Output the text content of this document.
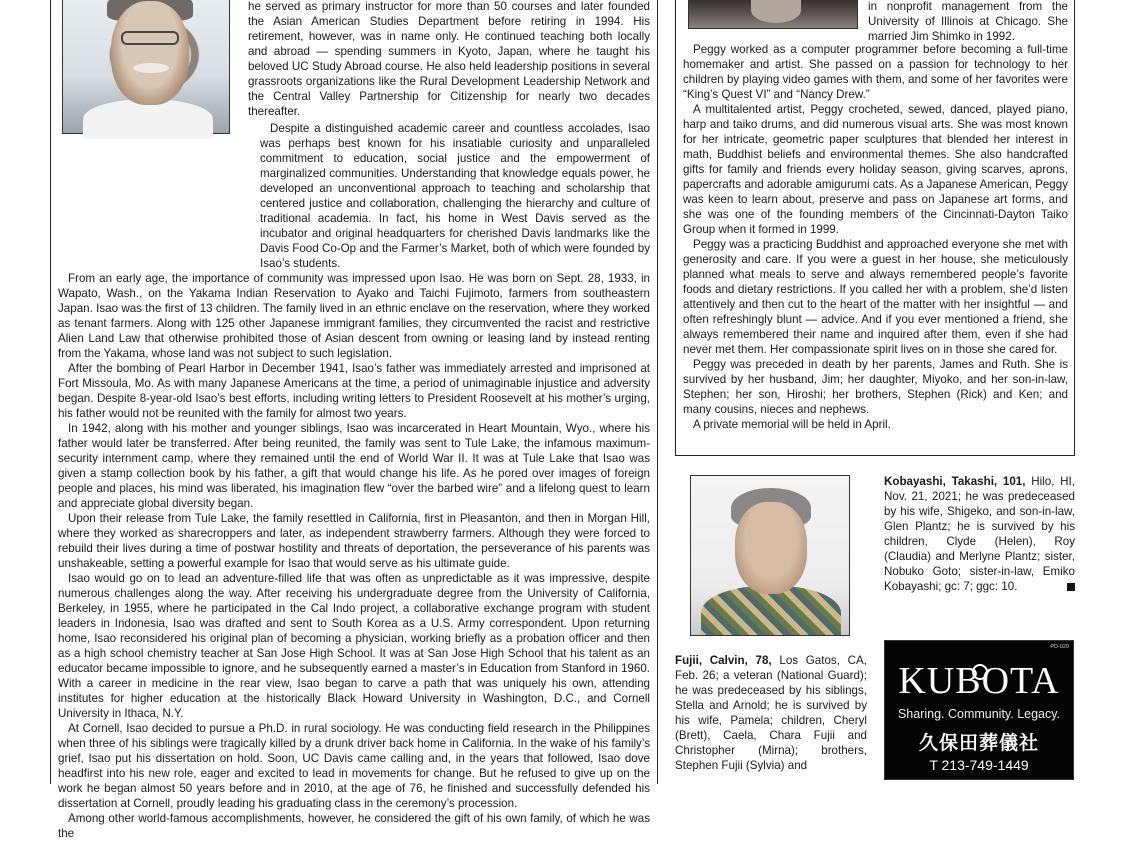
he served as primary instructor for more than 50 courses and later founded the Asian American Studies Department before retiring in 1994. His retirement, however, was in name only. He continued teaching both locally and abroad — spending summers in Kyoto, Japan, where he taught his beloved UC Study Abroad course. He also held leadership positions in several grassroots organizations like the Rural Development Leadership Network and the Central Valley Partnership for Citizenship for nearly two decades thereafter.

Despite a distinguished academic career and countless accolades, Isao was perhaps best known for his insatiable curiosity and unparalleled commitment to education, social justice and the empowerment of marginalized communities. Understanding that knowledge equals power, he developed an unconventional approach to teaching and scholarship that centered justice and collaboration, challenging the hierarchy and culture of traditional academia. In fact, his home in West Davis served as the incubator and original headquarters for cherished Davis landmarks like the Davis Food Co-Op and the Farmer’s Market, both of which were founded by Isao’s students.

From an early age, the importance of community was impressed upon Isao. He was born on Sept. 28, 1933, in Wapato, Wash., on the Yakama Indian Reservation to Ayako and Taichi Fujimoto, farmers from southeastern Japan. Isao was the first of 13 children. The family lived in an ethnic enclave on the reservation, where they worked as tenant farmers. Along with 125 other Japanese immigrant families, they circumvented the racist and restrictive Alien Land Law that otherwise prohibited those of Asian descent from owning or leasing land by instead renting from the Yakama, whose land was not subject to such legislation.

After the bombing of Pearl Harbor in December 1941, Isao’s father was immediately arrested and imprisoned at Fort Missoula, Mo. As with many Japanese Americans at the time, a period of unimaginable injustice and adversity began. Despite 8-year-old Isao’s best efforts, including writing letters to President Roosevelt at his mother’s urging, his father would not be reunited with the family for almost two years.

In 1942, along with his mother and younger siblings, Isao was incarcerated in Heart Mountain, Wyo., where his father would later be transferred. After being reunited, the family was sent to Tule Lake, the infamous maximum-security internment camp, where they remained until the end of World War II. It was at Tule Lake that Isao was given a stamp collection book by his father, a gift that would change his life. As he pored over images of foreign people and places, his mind was liberated, his imagination flew “over the barbed wire” and a lifelong quest to learn and appreciate global diversity began.

Upon their release from Tule Lake, the family resettled in California, first in Pleasanton, and then in Morgan Hill, where they worked as sharecroppers and later, as independent strawberry farmers. Although they were forced to rebuild their lives during a time of postwar hostility and threats of deportation, the perseverance of his parents was unshakeable, setting a powerful example for Isao that would serve as his ultimate guide.

Isao would go on to lead an adventure-filled life that was often as unpredictable as it was impressive, despite numerous challenges along the way. After receiving his undergraduate degree from the University of California, Berkeley, in 1955, where he participated in the Cal Indo project, a collaborative exchange program with student leaders in Indonesia, Isao was drafted and sent to South Korea as a U.S. Army correspondent. Upon returning home, Isao reconsidered his original plan of becoming a physician, working briefly as a probation officer and then as a high school chemistry teacher at San Jose High School. It was at San Jose High School that his talent as an educator became impossible to ignore, and he subsequently earned a master’s in Education from Stanford in 1960. With a career in medicine in the rear view, Isao began to carve a path that was uniquely his own, attending institutes for higher education at the historically Black Howard University in Washington, D.C., and Cornell University in Ithaca, N.Y.

At Cornell, Isao decided to pursue a Ph.D. in rural sociology. He was conducting field research in the Philippines when three of his siblings were tragically killed by a drunk driver back home in California. In the wake of his family’s grief, Isao put his dissertation on hold. Soon, UC Davis came calling and, in the years that followed, Isao dove headfirst into his new role, eager and excited to lead in movements for change. But he refused to give up on the work he began almost 50 years before and in 2010, at the age of 76, he finished and successfully defended his dissertation at Cornell, proudly leading his graduating class in the ceremony’s procession.

Among other world-famous accomplishments, however, he considered the gift of his own family, of which he was the

in nonprofit management from the University of Illinois at Chicago. She married Jim Shimko in 1992.

Peggy worked as a computer programmer before becoming a full-time homemaker and artist. She passed on a passion for technology to her children by playing video games with them, and some of her favorites were “King’s Quest VI” and “Nancy Drew.”

A multitalented artist, Peggy crocheted, sewed, danced, played piano, harp and taiko drums, and did numerous visual arts. She was most known for her intricate, geometric paper sculptures that blended her interest in math, Buddhist beliefs and environmental themes. She also handcrafted gifts for family and friends every holiday season, giving scarves, aprons, papercrafts and adorable amigurumi cats. As a Japanese American, Peggy was keen to learn about, preserve and pass on Japanese art forms, and she was one of the founding members of the Cincinnati-Dayton Taiko Group when it formed in 1999.

Peggy was a practicing Buddhist and approached everyone she met with generosity and care. If you were a guest in her house, she meticulously planned what meals to serve and always remembered people’s favorite foods and dietary restrictions. If you called her with a problem, she’d listen attentively and then cut to the heart of the matter with her insightful — and often refreshingly blunt — advice. And if you ever mentioned a friend, she always remembered their name and inquired after them, even if she had never met them. Her compassionate spirit lives on in those she cared for.

Peggy was preceded in death by her parents, James and Ruth. She is survived by her husband, Jim; her daughter, Miyoko, and her son-in-law, Stephen; her son, Hiroshi; her brothers, Stephen (Rick) and Ken; and many cousins, nieces and nephews.

A private memorial will be held in April.

Kobayashi, Takashi, 101, Hilo, HI, Nov. 21, 2021; he was predeceased by his wife, Shigeko, and son-in-law, Glen Plantz; he is survived by his children, Clyde (Helen), Roy (Claudia) and Merlyne Plantz; sister, Nobuko Goto; sister-in-law, Emiko Kobayashi; gc: 7; ggc: 10.

Fujii, Calvin, 78, Los Gatos, CA, Feb. 26; a veteran (National Guard); he was predeceased by his siblings, Stella and Arnold; he is survived by his wife, Pamela; children, Cheryl (Brett), Caela, Chara Fujii and Christopher (Mirna); brothers, Stephen Fujii (Sylvia) and

PD-020
KUBOTA
Sharing. Community. Legacy.
久保田葬儀社
T 213-749-1449
